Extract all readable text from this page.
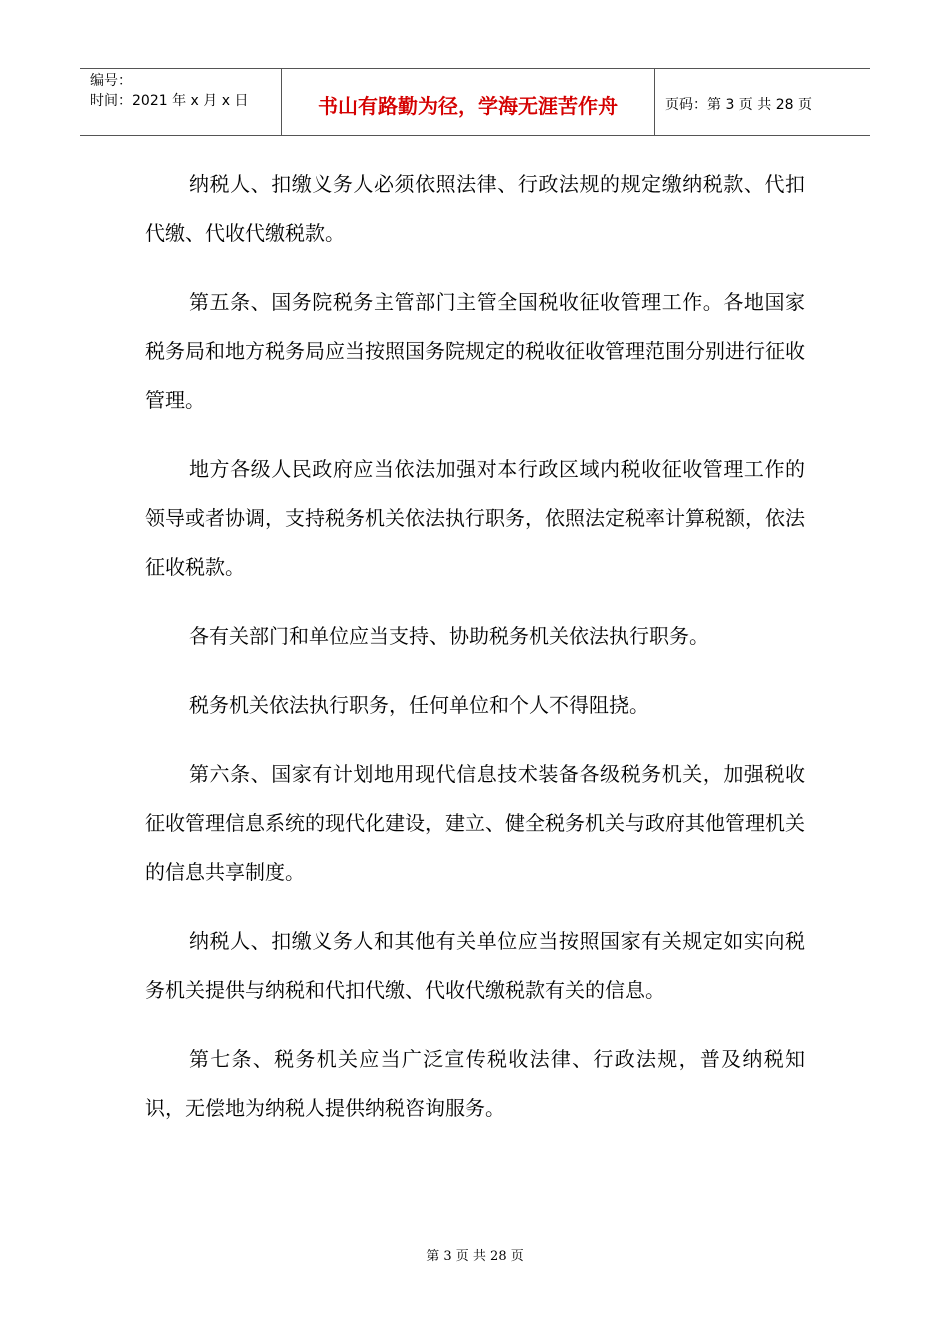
编号：
时间：2021 年 x 月 x 日	书山有路勤为径，学海无涯苦作舟	页码：第 3 页 共 28 页

纳税人、扣缴义务人必须依照法律、行政法规的规定缴纳税款、代扣代缴、代收代缴税款。

第五条、国务院税务主管部门主管全国税收征收管理工作。各地国家税务局和地方税务局应当按照国务院规定的税收征收管理范围分别进行征收管理。

地方各级人民政府应当依法加强对本行政区域内税收征收管理工作的领导或者协调，支持税务机关依法执行职务，依照法定税率计算税额，依法征收税款。

各有关部门和单位应当支持、协助税务机关依法执行职务。

税务机关依法执行职务，任何单位和个人不得阻挠。

第六条、国家有计划地用现代信息技术装备各级税务机关，加强税收征收管理信息系统的现代化建设，建立、健全税务机关与政府其他管理机关的信息共享制度。

纳税人、扣缴义务人和其他有关单位应当按照国家有关规定如实向税务机关提供与纳税和代扣代缴、代收代缴税款有关的信息。

第七条、税务机关应当广泛宣传税收法律、行政法规，普及纳税知识，无偿地为纳税人提供纳税咨询服务。

第 3 页 共 28 页
